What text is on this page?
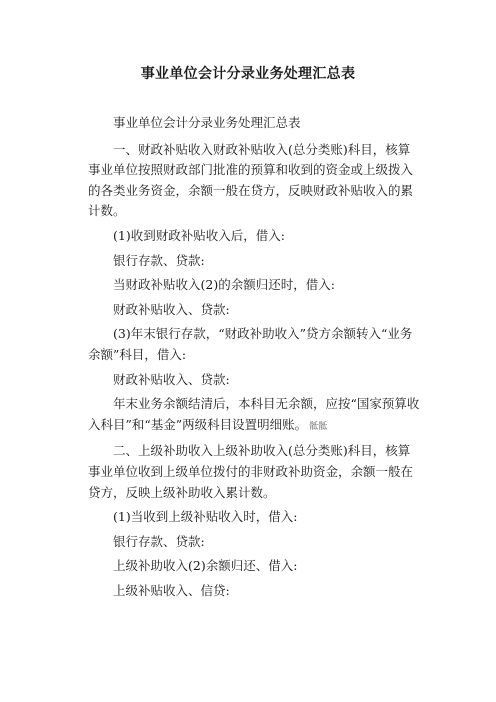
事业单位会计分录业务处理汇总表

事业单位会计分录业务处理汇总表

一、财政补贴收入财政补贴收入(总分类账)科目，核算事业单位按照财政部门批准的预算和收到的资金或上级拨入的各类业务资金，余额一般在贷方，反映财政补贴收入的累计数。

(1)收到财政补贴收入后，借入:

银行存款、贷款:

当财政补贴收入(2)的余额归还时，借入:

财政补贴收入、贷款:

(3)年末银行存款，“财政补助收入”贷方余额转入“业务余额”科目，借入:

财政补贴收入、贷款:

年末业务余额结清后，本科目无余额，应按“国家预算收入科目”和“基金”两级科目设置明细账。 骶骶

二、上级补助收入上级补助收入(总分类账)科目，核算事业单位收到上级单位拨付的非财政补助资金，余额一般在贷方，反映上级补助收入累计数。

(1)当收到上级补贴收入时，借入:

银行存款、贷款:

上级补助收入(2)余额归还、借入:

上级补贴收入、信贷:
